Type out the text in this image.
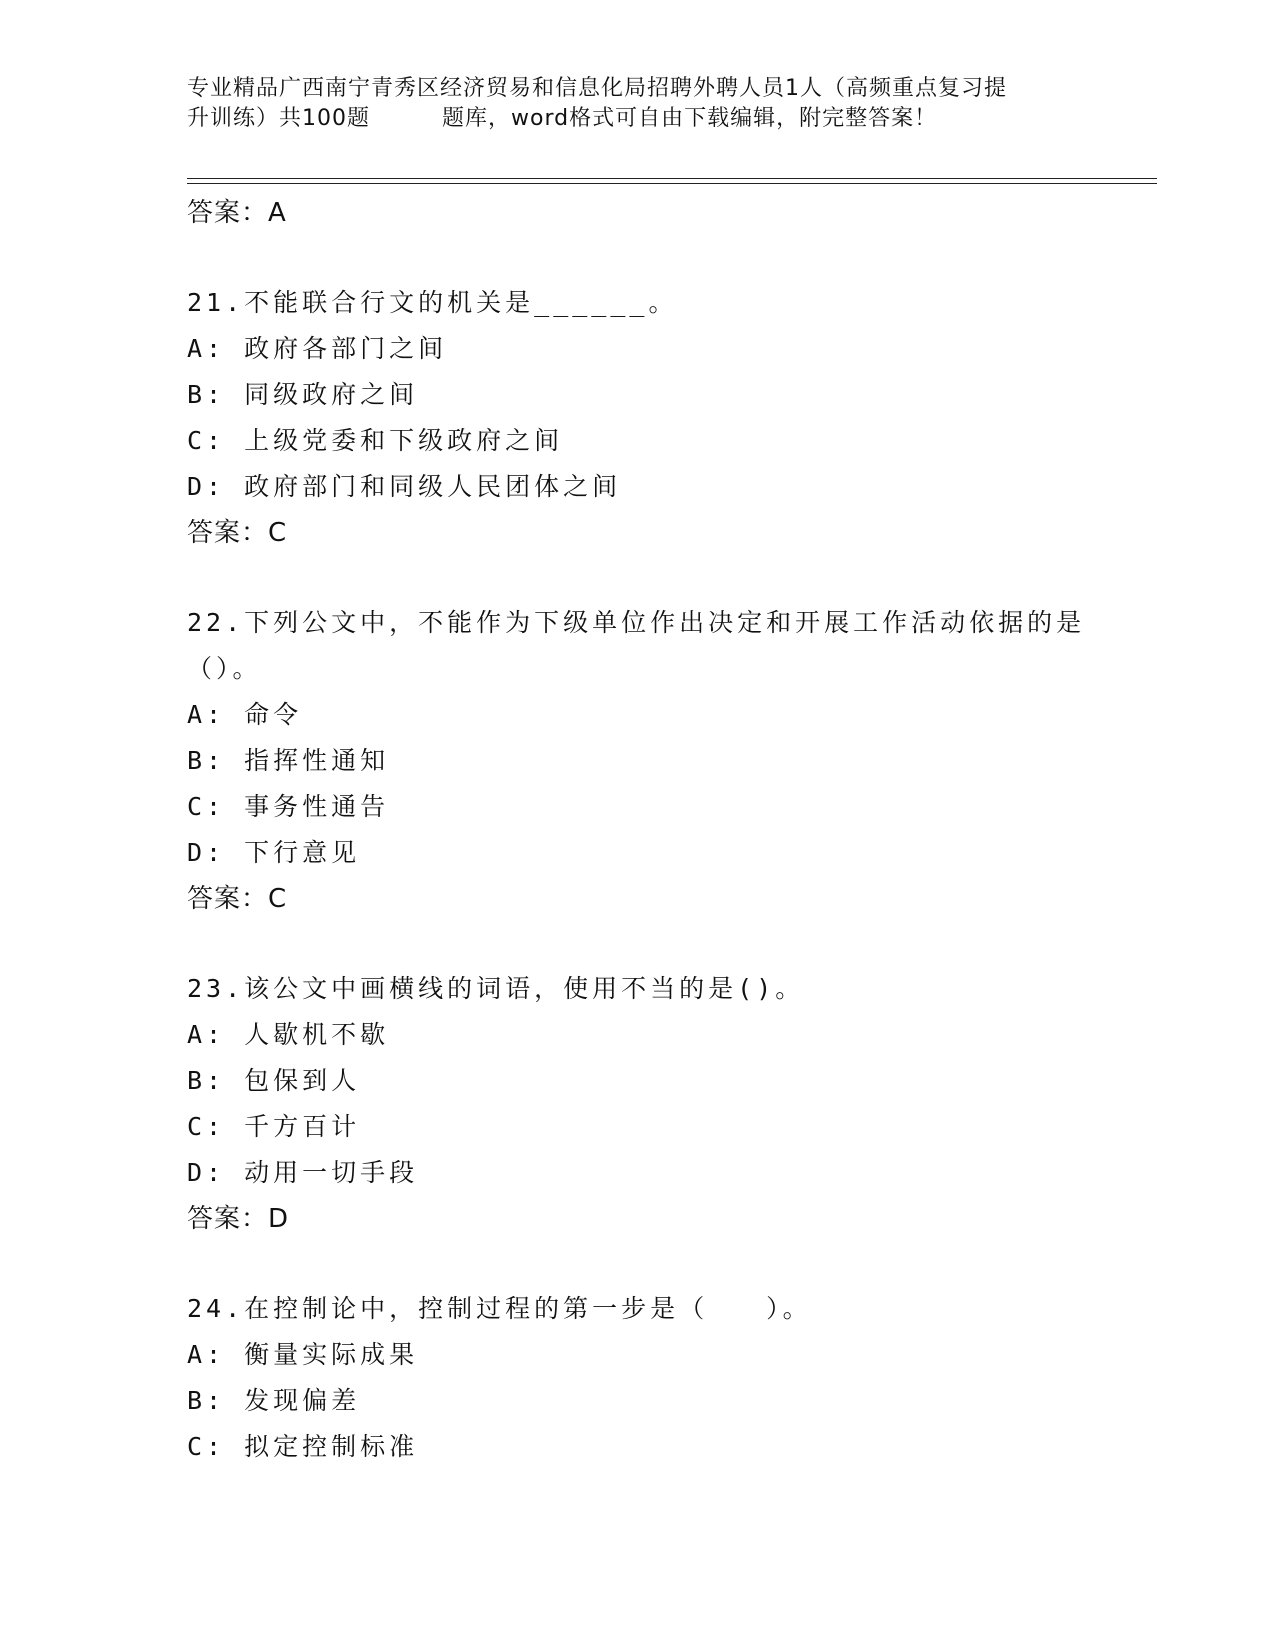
专业精品广西南宁青秀区经济贸易和信息化局招聘外聘人员1人（高频重点复习提
升训练）共100题	题库，word格式可自由下载编辑，附完整答案！
答案：A
21.不能联合行文的机关是______。
A: 政府各部门之间
B: 同级政府之间
C: 上级党委和下级政府之间
D: 政府部门和同级人民团体之间
答案：C
22.下列公文中，不能作为下级单位作出决定和开展工作活动依据的是
（）。
A: 命令
B: 指挥性通知
C: 事务性通告
D: 下行意见
答案：C
23.该公文中画横线的词语，使用不当的是()。
A: 人歇机不歇
B: 包保到人
C: 千方百计
D: 动用一切手段
答案：D
24.在控制论中，控制过程的第一步是（　　）。
A: 衡量实际成果
B: 发现偏差
C: 拟定控制标准
